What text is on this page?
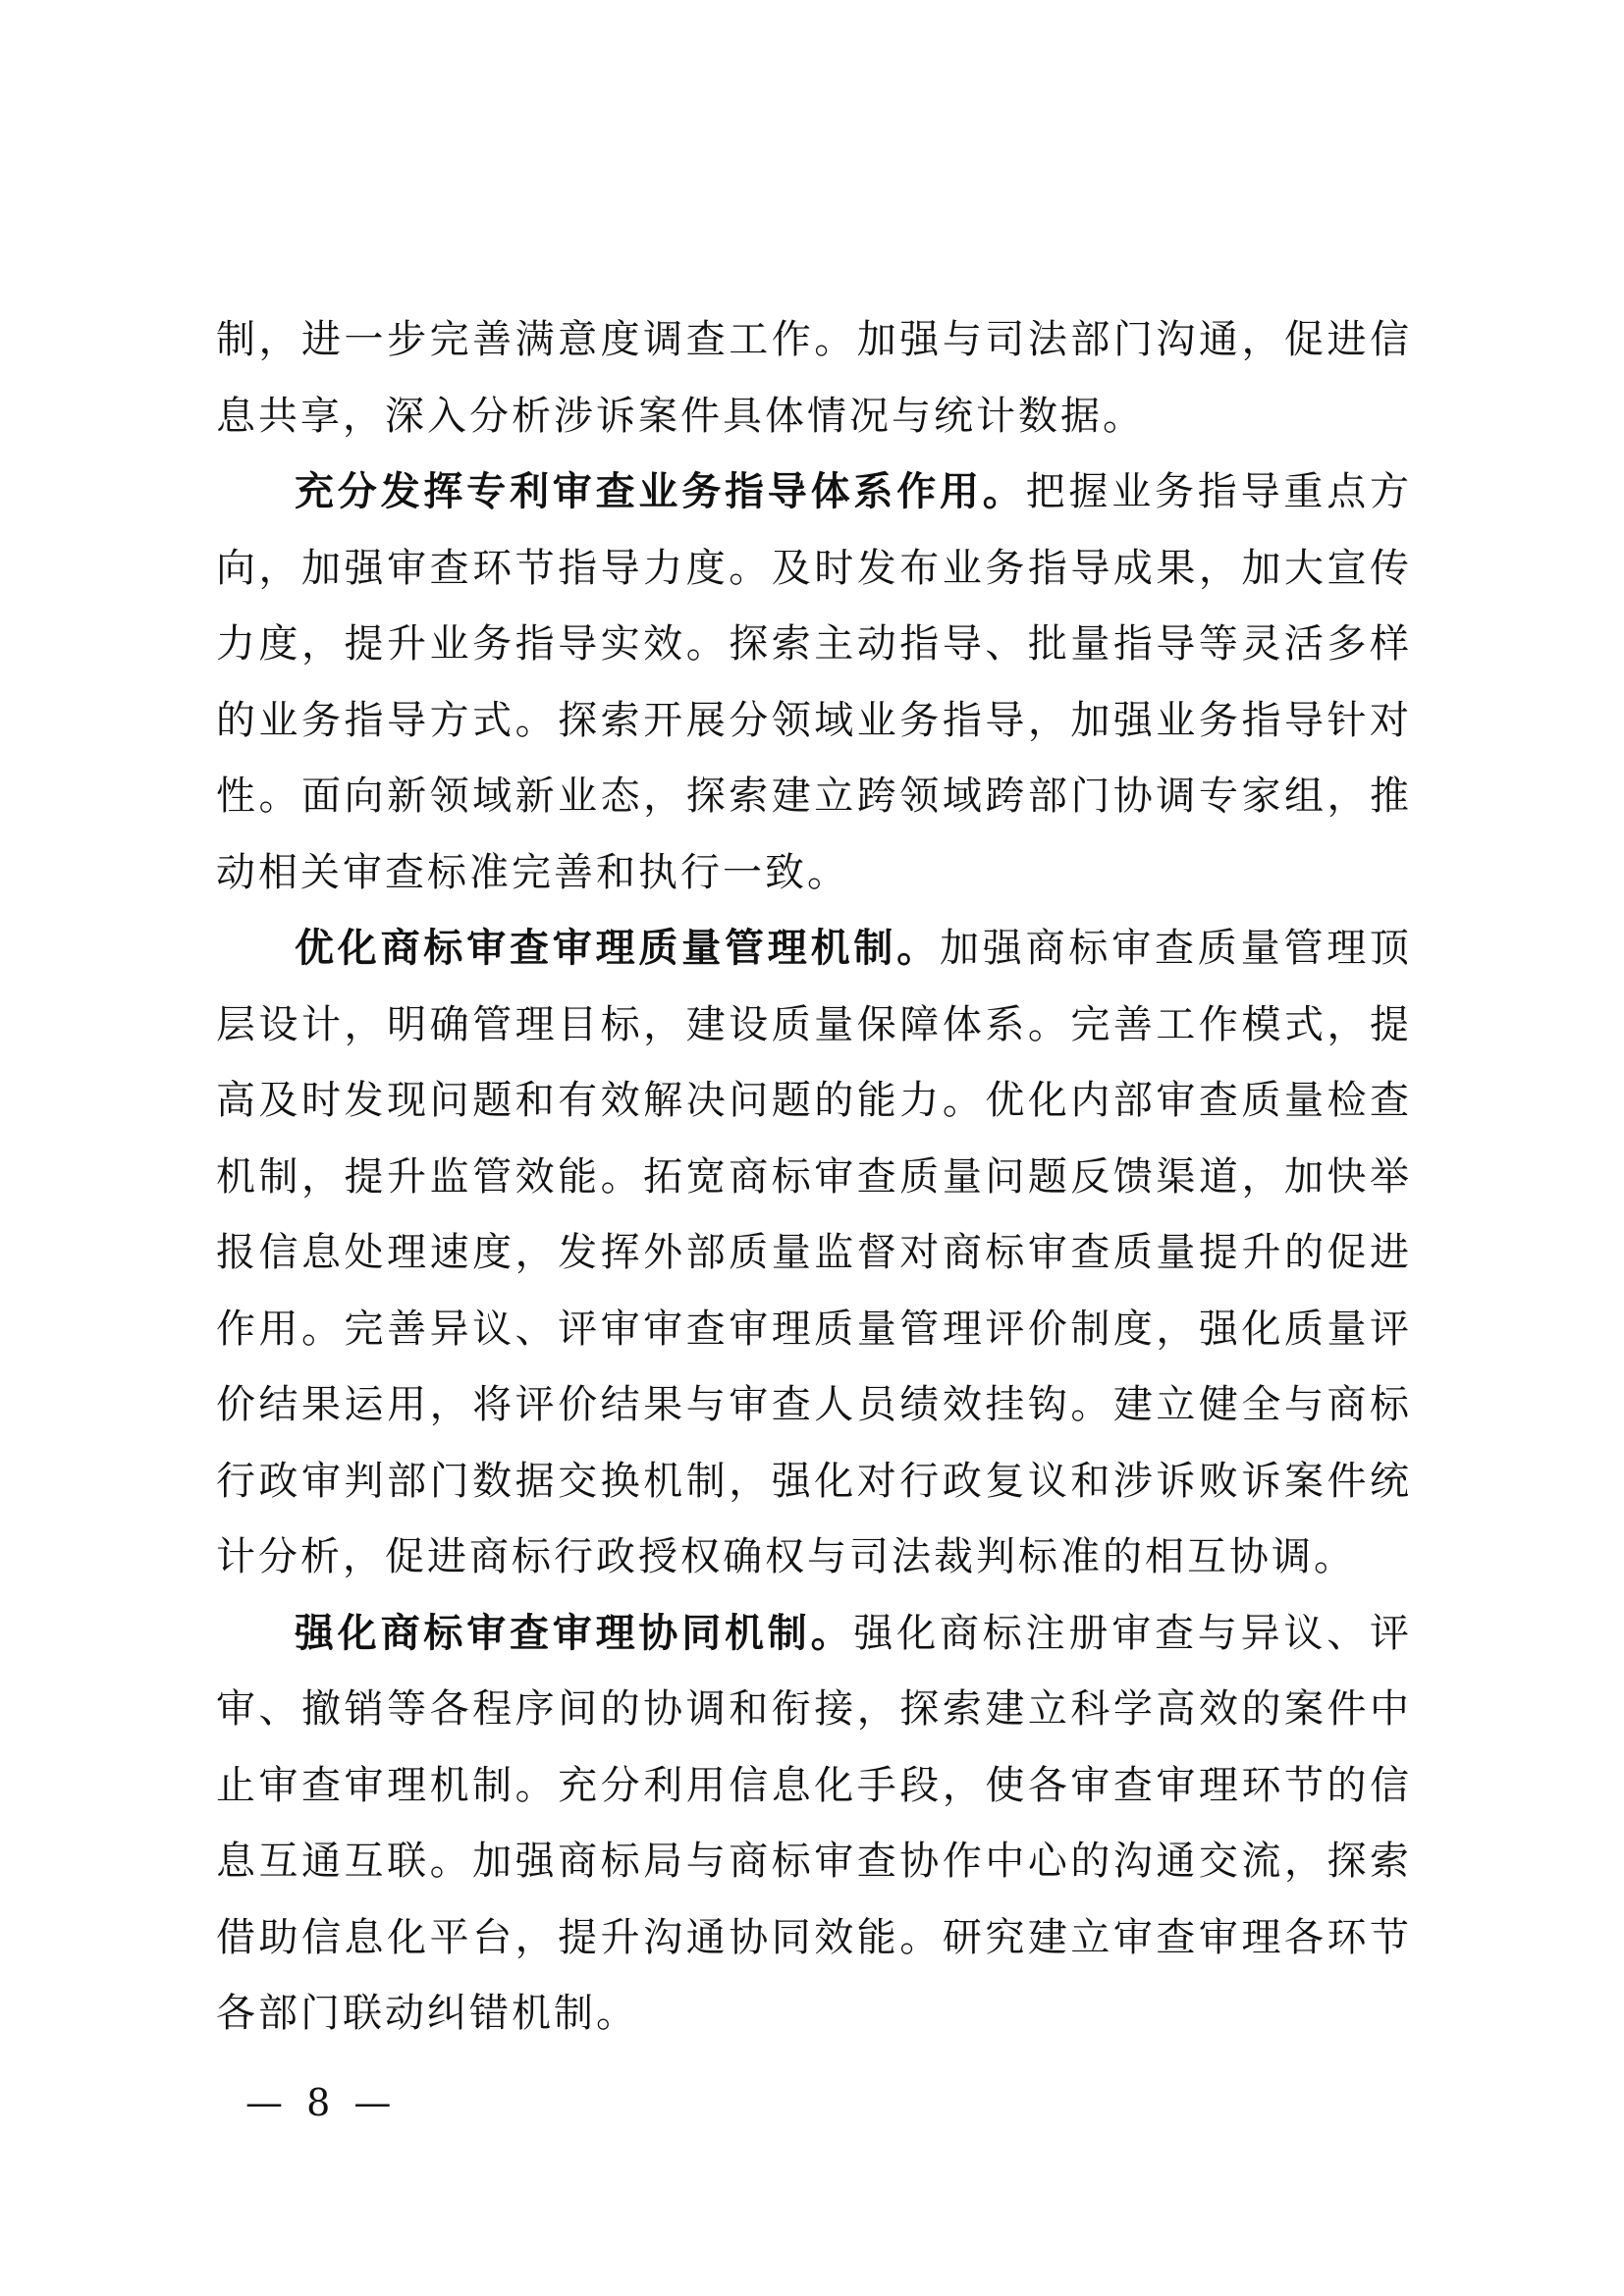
制，进一步完善满意度调查工作。加强与司法部门沟通，促进信息共享，深入分析涉诉案件具体情况与统计数据。

充分发挥专利审查业务指导体系作用。把握业务指导重点方向，加强审查环节指导力度。及时发布业务指导成果，加大宣传力度，提升业务指导实效。探索主动指导、批量指导等灵活多样的业务指导方式。探索开展分领域业务指导，加强业务指导针对性。面向新领域新业态，探索建立跨领域跨部门协调专家组，推动相关审查标准完善和执行一致。

优化商标审查审理质量管理机制。加强商标审查质量管理顶层设计，明确管理目标，建设质量保障体系。完善工作模式，提高及时发现问题和有效解决问题的能力。优化内部审查质量检查机制，提升监管效能。拓宽商标审查质量问题反馈渠道，加快举报信息处理速度，发挥外部质量监督对商标审查质量提升的促进作用。完善异议、评审审查审理质量管理评价制度，强化质量评价结果运用，将评价结果与审查人员绩效挂钩。建立健全与商标行政审判部门数据交换机制，强化对行政复议和涉诉败诉案件统计分析，促进商标行政授权确权与司法裁判标准的相互协调。

强化商标审查审理协同机制。强化商标注册审查与异议、评审、撤销等各程序间的协调和衔接，探索建立科学高效的案件中止审查审理机制。充分利用信息化手段，使各审查审理环节的信息互通互联。加强商标局与商标审查协作中心的沟通交流，探索借助信息化平台，提升沟通协同效能。研究建立审查审理各环节各部门联动纠错机制。

— 8 —
